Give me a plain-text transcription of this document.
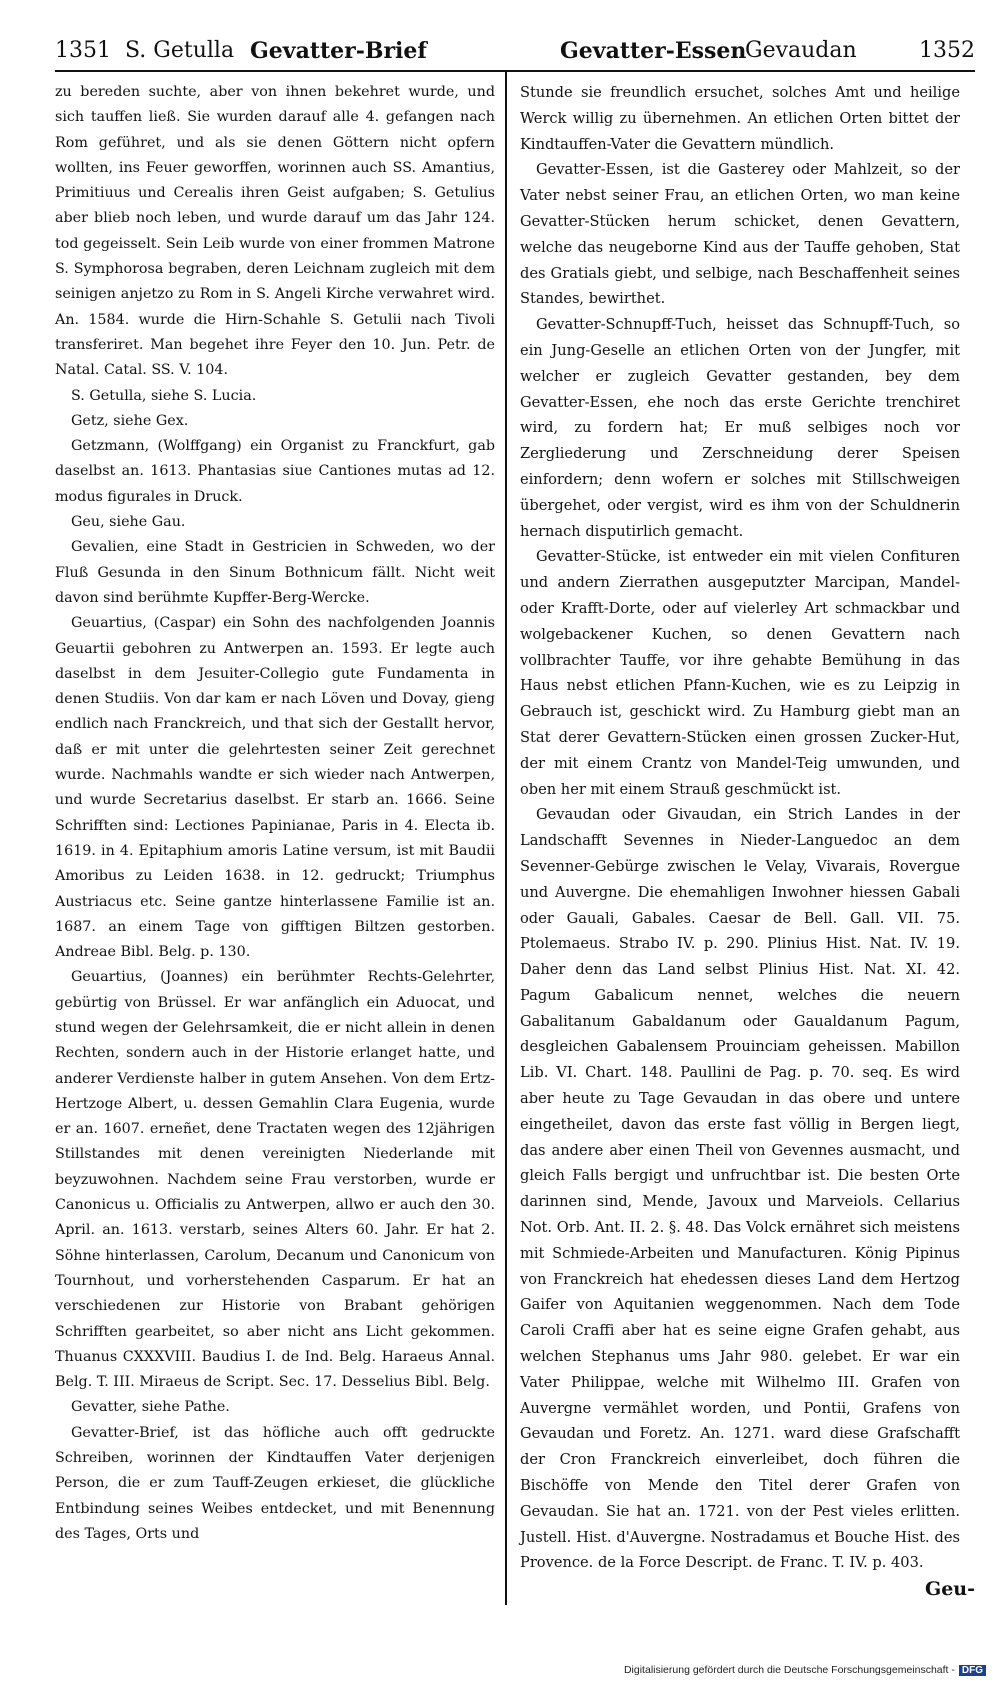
1351 S. Getulla Gevatter-Brief	Gevatter-Essen
Gevaudan	1352

zu bereden suchte, aber von ihnen bekehret wurde, und sich tauffen ließ. Sie wurden darauf alle 4. gefangen nach Rom geführet, und als sie denen Göttern nicht opfern wollten, ins Feuer geworffen, worinnen auch SS. Amantius, Primitiuus und Cerealis ihren Geist aufgaben; S. Getulius aber blieb noch leben, und wurde darauf um das Jahr 124. tod gegeisselt. Sein Leib wurde von einer frommen Matrone S. Symphorosa begraben, deren Leichnam zugleich mit dem seinigen anjetzo zu Rom in S. Angeli Kirche verwahret wird. An. 1584. wurde die Hirn-Schahle S. Getulii nach Tivoli transferiret. Man begehet ihre Feyer den 10. Jun. Petr. de Natal. Catal. SS. V. 104.

S. Getulla, siehe S. Lucia.

Getz, siehe Gex.

Getzmann, (Wolffgang) ein Organist zu Franckfurt, gab daselbst an. 1613. Phantasias siue Cantiones mutas ad 12. modus figurales in Druck.

Geu, siehe Gau.

Gevalien, eine Stadt in Gestricien in Schweden, wo der Fluß Gesunda in den Sinum Bothnicum fällt. Nicht weit davon sind berühmte Kupffer-Berg-Wercke.

Geuartius, (Caspar) ein Sohn des nachfolgenden Joannis Geuartii gebohren zu Antwerpen an. 1593. Er legte auch daselbst in dem Jesuiter-Collegio gute Fundamenta in denen Studiis. Von dar kam er nach Löven und Dovay, gieng endlich nach Franckreich, und that sich der Gestallt hervor, daß er mit unter die gelehrtesten seiner Zeit gerechnet wurde. Nachmahls wandte er sich wieder nach Antwerpen, und wurde Secretarius daselbst. Er starb an. 1666. Seine Schrifften sind: Lectiones Papinianae, Paris in 4. Electa ib. 1619. in 4. Epitaphium amoris Latine versum, ist mit Baudii Amoribus zu Leiden 1638. in 12. gedruckt; Triumphus Austriacus etc. Seine gantze hinterlassene Familie ist an. 1687. an einem Tage von gifftigen Biltzen gestorben. Andreae Bibl. Belg. p. 130.

Geuartius, (Joannes) ein berühmter Rechts-Gelehrter, gebürtig von Brüssel. Er war anfänglich ein Aduocat, und stund wegen der Gelehrsamkeit, die er nicht allein in denen Rechten, sondern auch in der Historie erlanget hatte, und anderer Verdienste halber in gutem Ansehen. Von dem Ertz-Hertzoge Albert, u. dessen Gemahlin Clara Eugenia, wurde er an. 1607. erneñet, dene Tractaten wegen des 12jährigen Stillstandes mit denen vereinigten Niederlande mit beyzuwohnen. Nachdem seine Frau verstorben, wurde er Canonicus u. Officialis zu Antwerpen, allwo er auch den 30. April. an. 1613. verstarb, seines Alters 60. Jahr. Er hat 2. Söhne hinterlassen, Carolum, Decanum und Canonicum von Tournhout, und vorherstehenden Casparum. Er hat an verschiedenen zur Historie von Brabant gehörigen Schrifften gearbeitet, so aber nicht ans Licht gekommen. Thuanus CXXXVIII. Baudius I. de Ind. Belg. Haraeus Annal. Belg. T. III. Miraeus de Script. Sec. 17. Desselius Bibl. Belg.

Gevatter, siehe Pathe.

Gevatter-Brief, ist das höfliche auch offt gedruckte Schreiben, worinnen der Kindtauffen Vater derjenigen Person, die er zum Tauff-Zeugen erkieset, die glückliche Entbindung seines Weibes entdecket, und mit Benennung des Tages, Orts und

Stunde sie freundlich ersuchet, solches Amt und heilige Werck willig zu übernehmen. An etlichen Orten bittet der Kindtauffen-Vater die Gevattern mündlich.

Gevatter-Essen, ist die Gasterey oder Mahlzeit, so der Vater nebst seiner Frau, an etlichen Orten, wo man keine Gevatter-Stücken herum schicket, denen Gevattern, welche das neugeborne Kind aus der Tauffe gehoben, Stat des Gratials giebt, und selbige, nach Beschaffenheit seines Standes, bewirthet.

Gevatter-Schnupff-Tuch, heisset das Schnupff-Tuch, so ein Jung-Geselle an etlichen Orten von der Jungfer, mit welcher er zugleich Gevatter gestanden, bey dem Gevatter-Essen, ehe noch das erste Gerichte trenchiret wird, zu fordern hat; Er muß selbiges noch vor Zergliederung und Zerschneidung derer Speisen einfordern; denn wofern er solches mit Stillschweigen übergehet, oder vergist, wird es ihm von der Schuldnerin hernach disputirlich gemacht.

Gevatter-Stücke, ist entweder ein mit vielen Confituren und andern Zierrathen ausgeputzter Marcipan, Mandel- oder Krafft-Dorte, oder auf vielerley Art schmackbar und wolgebackener Kuchen, so denen Gevattern nach vollbrachter Tauffe, vor ihre gehabte Bemühung in das Haus nebst etlichen Pfann-Kuchen, wie es zu Leipzig in Gebrauch ist, geschickt wird. Zu Hamburg giebt man an Stat derer Gevattern-Stücken einen grossen Zucker-Hut, der mit einem Crantz von Mandel-Teig umwunden, und oben her mit einem Strauß geschmückt ist.

Gevaudan oder Givaudan, ein Strich Landes in der Landschafft Sevennes in Nieder-Languedoc an dem Sevenner-Gebürge zwischen le Velay, Vivarais, Rovergue und Auvergne. Die ehemahligen Inwohner hiessen Gabali oder Gauali, Gabales. Caesar de Bell. Gall. VII. 75. Ptolemaeus. Strabo IV. p. 290. Plinius Hist. Nat. IV. 19. Daher denn das Land selbst Plinius Hist. Nat. XI. 42. Pagum Gabalicum nennet, welches die neuern Gabalitanum Gabaldanum oder Gaualdanum Pagum, desgleichen Gabalensem Prouinciam geheissen. Mabillon Lib. VI. Chart. 148. Paullini de Pag. p. 70. seq. Es wird aber heute zu Tage Gevaudan in das obere und untere eingetheilet, davon das erste fast völlig in Bergen liegt, das andere aber einen Theil von Gevennes ausmacht, und gleich Falls bergigt und unfruchtbar ist. Die besten Orte darinnen sind, Mende, Javoux und Marveiols. Cellarius Not. Orb. Ant. II. 2. §. 48. Das Volck ernähret sich meistens mit Schmiede-Arbeiten und Manufacturen. König Pipinus von Franckreich hat ehedessen dieses Land dem Hertzog Gaifer von Aquitanien weggenommen. Nach dem Tode Caroli Craffi aber hat es seine eigne Grafen gehabt, aus welchen Stephanus ums Jahr 980. gelebet. Er war ein Vater Philippae, welche mit Wilhelmo III. Grafen von Auvergne vermählet worden, und Pontii, Grafens von Gevaudan und Foretz. An. 1271. ward diese Grafschafft der Cron Franckreich einverleibet, doch führen die Bischöffe von Mende den Titel derer Grafen von Gevaudan. Sie hat an. 1721. von der Pest vieles erlitten. Justell. Hist. d'Auvergne. Nostradamus et Bouche Hist. des Provence. de la Force Descript. de Franc. T. IV. p. 403.

Geu-
Digitalisierung gefördert durch die Deutsche Forschungsgemeinschaft - DFG
